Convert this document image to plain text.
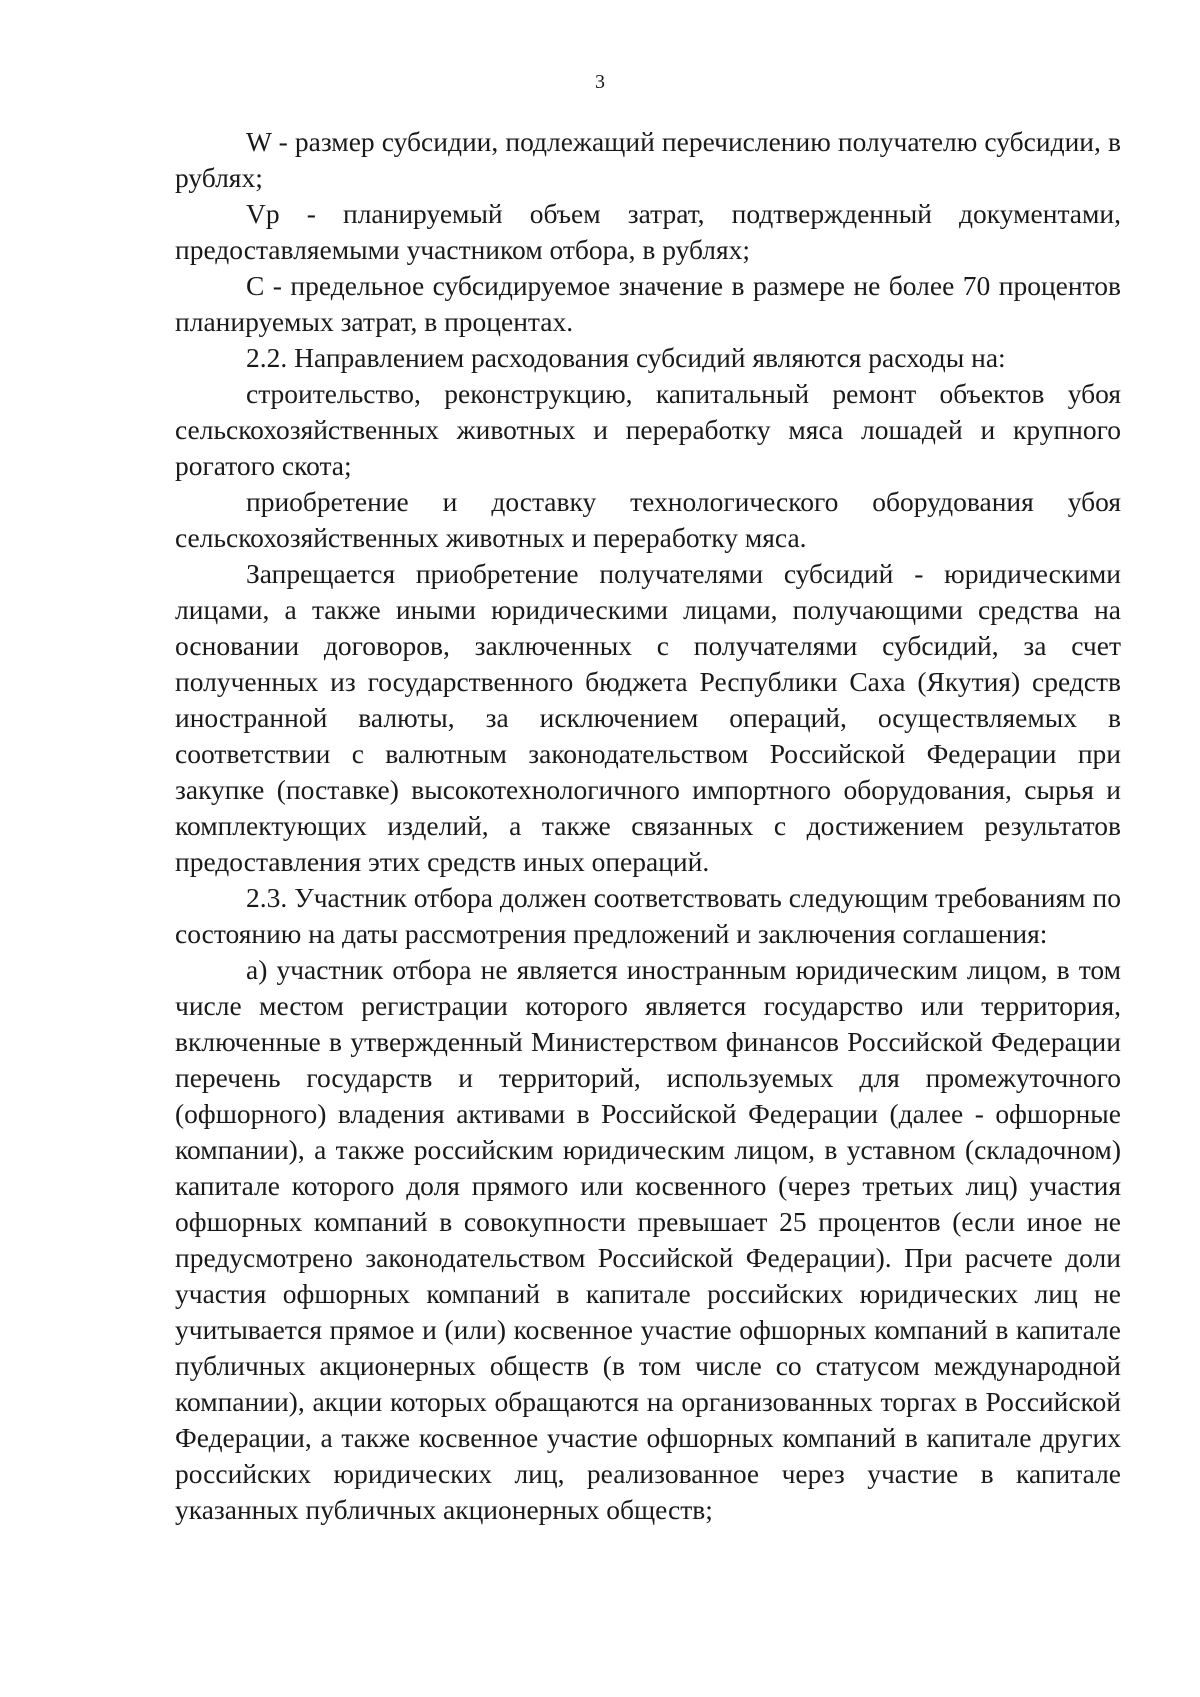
3

W - размер субсидии, подлежащий перечислению получателю субсидии, в рублях;

Vp - планируемый объем затрат, подтвержденный документами, предоставляемыми участником отбора, в рублях;

C - предельное субсидируемое значение в размере не более 70 процентов планируемых затрат, в процентах.

2.2. Направлением расходования субсидий являются расходы на:

строительство, реконструкцию, капитальный ремонт объектов убоя сельскохозяйственных животных и переработку мяса лошадей и крупного рогатого скота;

приобретение и доставку технологического оборудования убоя сельскохозяйственных животных и переработку мяса.

Запрещается приобретение получателями субсидий - юридическими лицами, а также иными юридическими лицами, получающими средства на основании договоров, заключенных с получателями субсидий, за счет полученных из государственного бюджета Республики Саха (Якутия) средств иностранной валюты, за исключением операций, осуществляемых в соответствии с валютным законодательством Российской Федерации при закупке (поставке) высокотехнологичного импортного оборудования, сырья и комплектующих изделий, а также связанных с достижением результатов предоставления этих средств иных операций.

2.3. Участник отбора должен соответствовать следующим требованиям по состоянию на даты рассмотрения предложений и заключения соглашения:

а) участник отбора не является иностранным юридическим лицом, в том числе местом регистрации которого является государство или территория, включенные в утвержденный Министерством финансов Российской Федерации перечень государств и территорий, используемых для промежуточного (офшорного) владения активами в Российской Федерации (далее - офшорные компании), а также российским юридическим лицом, в уставном (складочном) капитале которого доля прямого или косвенного (через третьих лиц) участия офшорных компаний в совокупности превышает 25 процентов (если иное не предусмотрено законодательством Российской Федерации). При расчете доли участия офшорных компаний в капитале российских юридических лиц не учитывается прямое и (или) косвенное участие офшорных компаний в капитале публичных акционерных обществ (в том числе со статусом международной компании), акции которых обращаются на организованных торгах в Российской Федерации, а также косвенное участие офшорных компаний в капитале других российских юридических лиц, реализованное через участие в капитале указанных публичных акционерных обществ;
